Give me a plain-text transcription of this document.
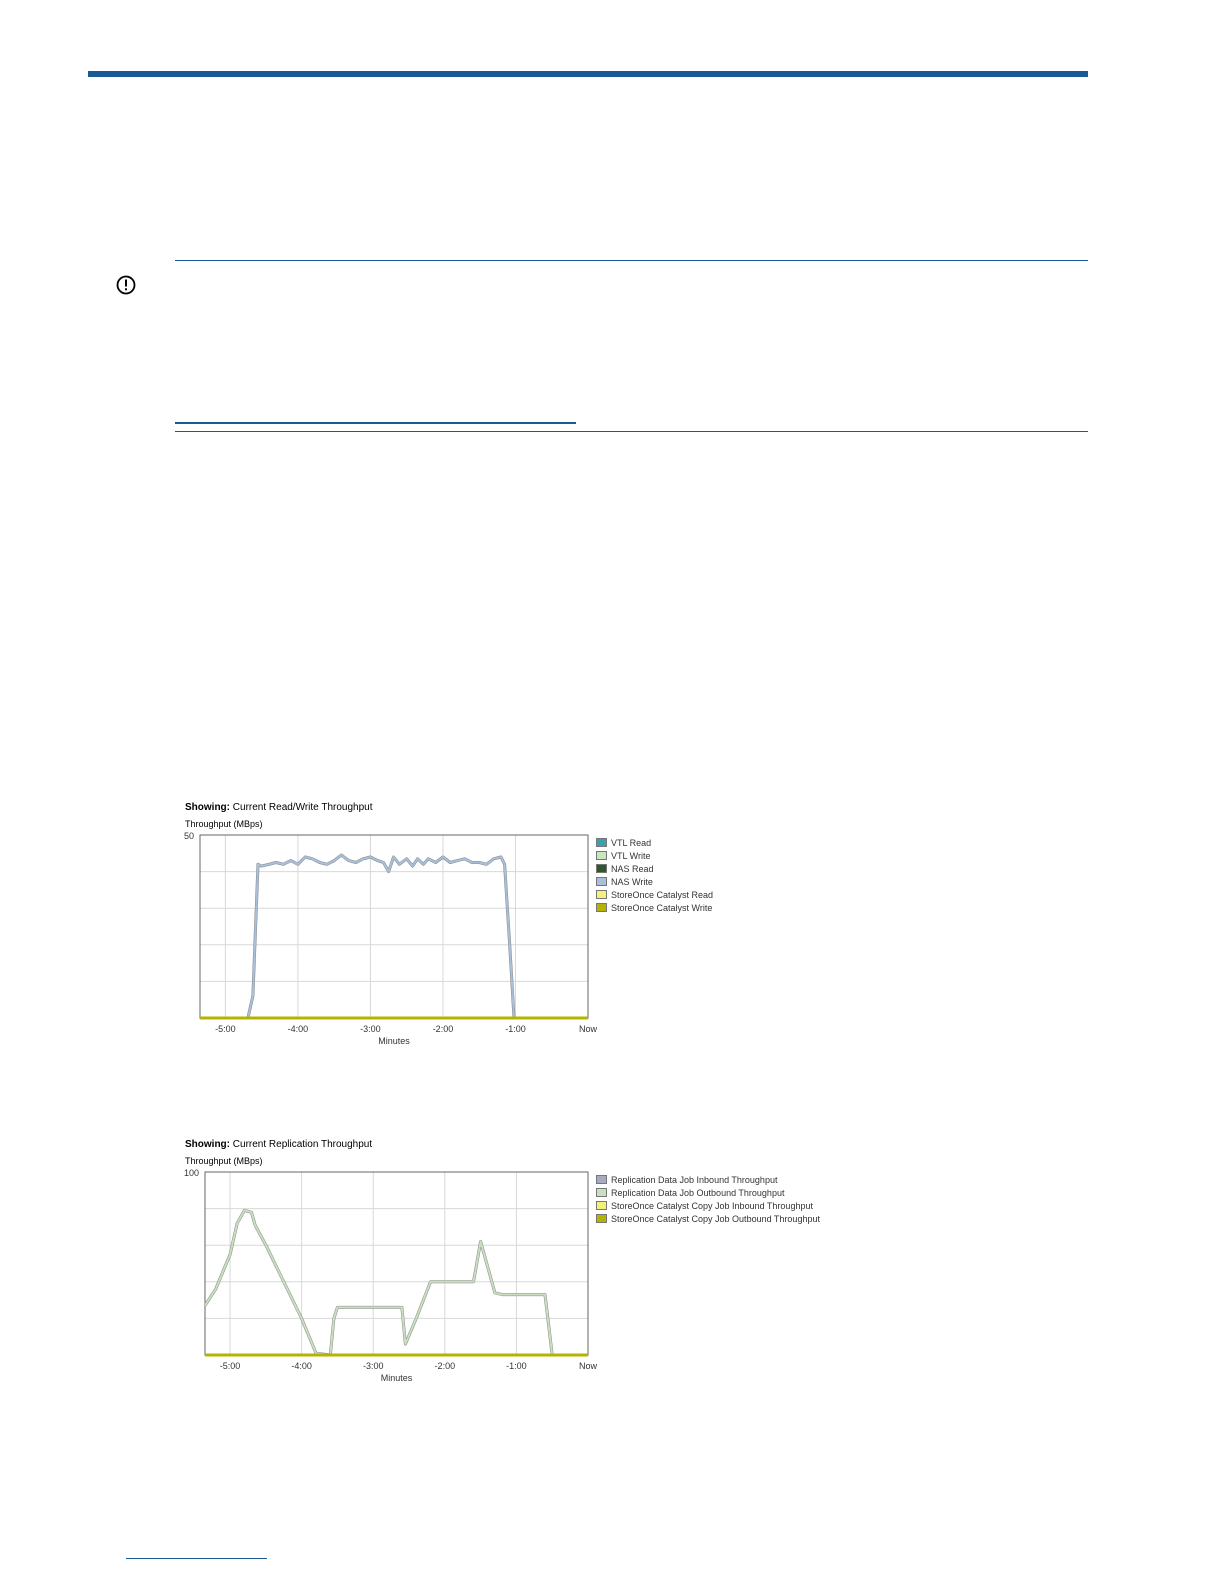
Showing: Current Read/Write Throughput
Throughput (MBps)
50
-5:00	-4:00	-3:00	-2:00	-1:00	Now
Minutes
VTL Read
VTL Write
NAS Read
NAS Write
StoreOnce Catalyst Read
StoreOnce Catalyst Write
Showing: Current Replication Throughput
Throughput (MBps)
100
-5:00	-4:00	-3:00	-2:00	-1:00	Now
Minutes
Replication Data Job Inbound Throughput
Replication Data Job Outbound Throughput
StoreOnce Catalyst Copy Job Inbound Throughput
StoreOnce Catalyst Copy Job Outbound Throughput
